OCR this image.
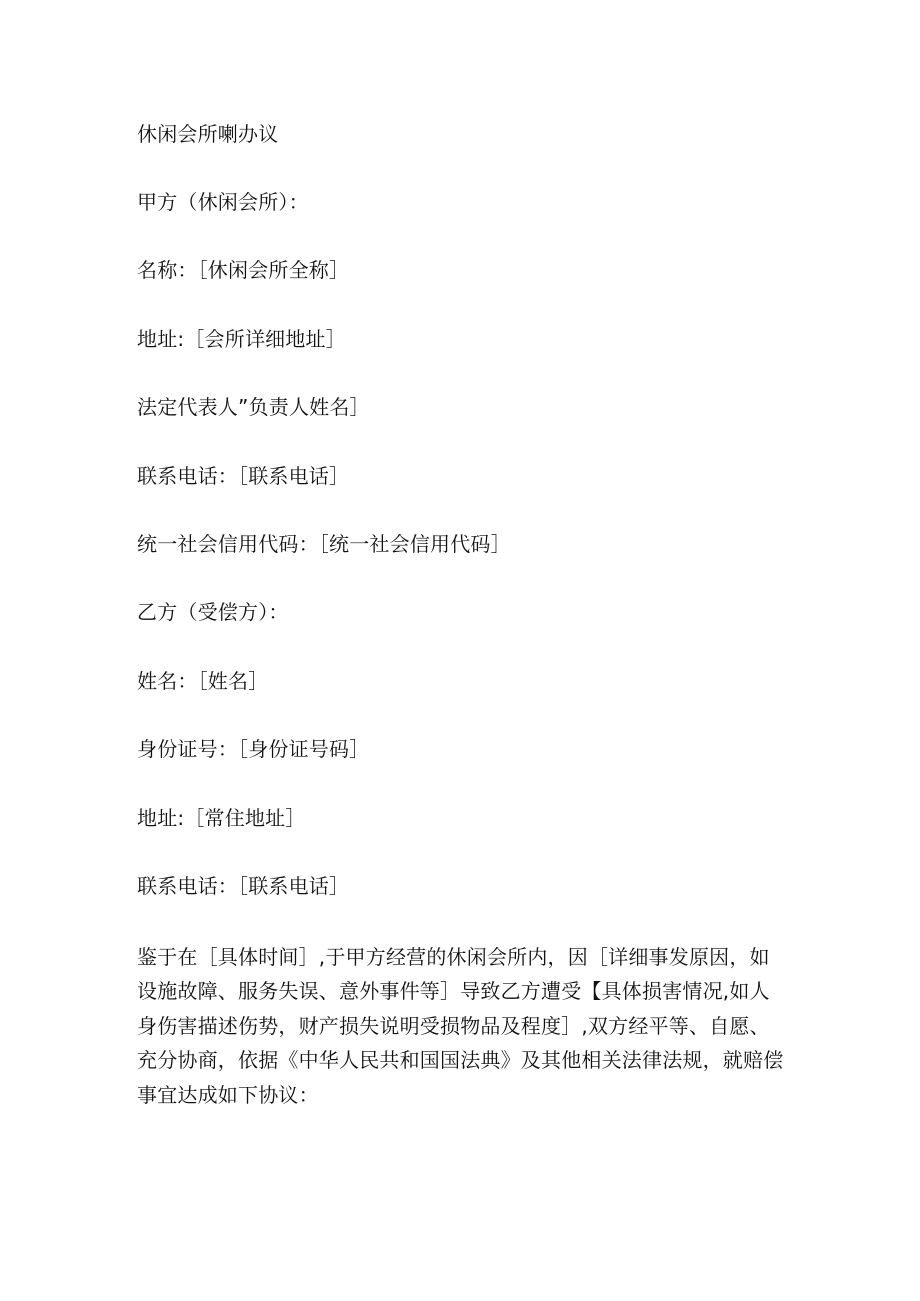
休闲会所喇办议
甲方（休闲会所）：
名称：［休闲会所全称］
地址:［会所详细地址］
法定代表人”负责人姓名］
联系电话：［联系电话］
统一社会信用代码：［统一社会信用代码］
乙方（受偿方）：
姓名：［姓名］
身份证号：［身份证号码］
地址:［常住地址］
联系电话：［联系电话］
鉴于在［具体时间］,于甲方经营的休闲会所内，因［详细事发原因，如
设施故障、服务失误、意外事件等］导致乙方遭受【具体损害情况,如人
身伤害描述伤势，财产损失说明受损物品及程度］,双方经平等、自愿、
充分协商，依据《中华人民共和国国法典》及其他相关法律法规，就赔偿
事宜达成如下协议：
